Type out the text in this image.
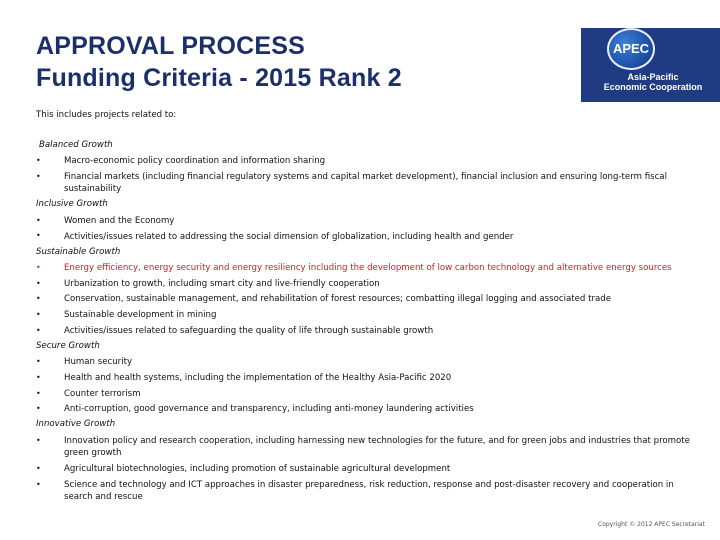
APPROVAL PROCESS
Funding Criteria - 2015 Rank 2
APEC
Asia-Pacific
Economic Cooperation

This includes projects related to:

Balanced Growth

•	Macro-economic policy coordination and information sharing
•	Financial markets (including financial regulatory systems and capital market development), financial inclusion and ensuring long-term fiscal sustainability

Inclusive Growth

•	Women and the Economy
•	Activities/issues related to addressing the social dimension of globalization, including health and gender

Sustainable Growth

•	Energy efficiency, energy security and energy resiliency including the development of low carbon technology and alternative energy sources
•	Urbanization to growth, including smart city and live-friendly cooperation
•	Conservation, sustainable management, and rehabilitation of forest resources; combatting illegal logging and associated trade
•	Sustainable development in mining
•	Activities/issues related to safeguarding the quality of life through sustainable growth

Secure Growth

•	Human security
•	Health and health systems, including the implementation of the Healthy Asia-Pacific 2020
•	Counter terrorism
•	Anti-corruption, good governance and transparency, including anti-money laundering activities

Innovative Growth

•	Innovation policy and research cooperation, including harnessing new technologies for the future, and for green jobs and industries that promote green growth
•	Agricultural biotechnologies, including promotion of sustainable agricultural development
•	Science and technology and ICT approaches in disaster preparedness, risk reduction, response and post-disaster recovery and cooperation in search and rescue
Copyright © 2012 APEC Secretariat
